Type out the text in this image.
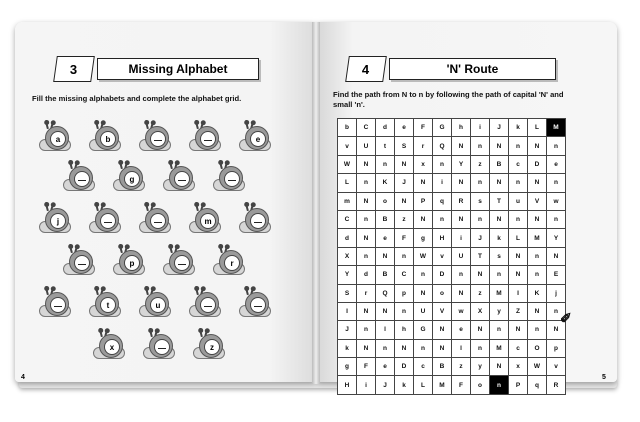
3	Missing Alphabet
Fill the missing alphabets and complete the alphabet grid.
a	b	e
g
j	m
p	r
t	u
x	z
4
4	'N' Route
Find the path from N to n by following the path of capital 'N' and
small 'n'.
b	C	d	e	F	G	h	i	J	k	L	M
v	U	t	S	r	Q	N	n	N	n	N	n
W	N	n	N	x	n	Y	z	B	c	D	e
L	n	K	J	N	i	N	n	N	n	N	n
m	N	o	N	P	q	R	s	T	u	V	w
C	n	B	z	N	n	N	n	N	n	N	n
d	N	e	F	g	H	i	J	k	L	M	Y
X	n	N	n	W	v	U	T	s	N	n	N
Y	d	B	C	n	D	n	N	n	N	n	E
S	r	Q	p	N	o	N	z	M	I	K	j
I	N	N	n	U	V	w	X	y	Z	N	n
J	n	l	h	G	N	e	N	n	N	n	N
k	N	n	N	n	N	l	n	M	c	O	p
g	F	e	D	c	B	z	y	N	x	W	v
H	i	J	k	L	M	F	o	n	P	q	R
5
✐
